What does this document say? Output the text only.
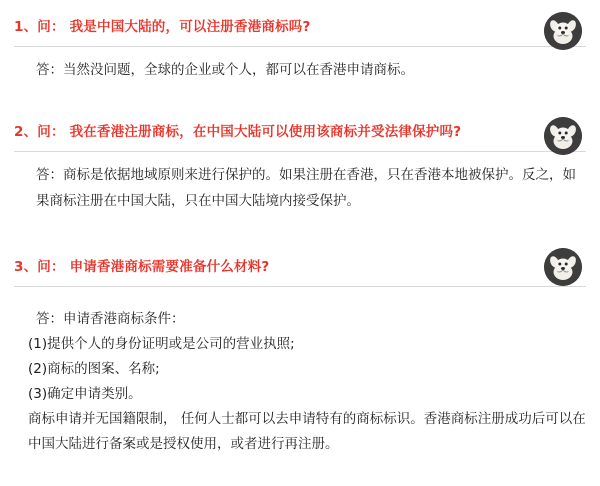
1、问： 我是中国大陆的，可以注册香港商标吗?

答：当然没问题，全球的企业或个人，都可以在香港申请商标。

2、问： 我在香港注册商标，在中国大陆可以使用该商标并受法律保护吗?

答：商标是依据地域原则来进行保护的。如果注册在香港，只在香港本地被保护。反之，如果商标注册在中国大陆，只在中国大陆境内接受保护。

3、问： 申请香港商标需要准备什么材料?

答：申请香港商标条件：

(1)提供个人的身份证明或是公司的营业执照;

(2)商标的图案、名称;

(3)确定申请类别。

商标申请并无国籍限制， 任何人士都可以去申请特有的商标标识。香港商标注册成功后可以在中国大陆进行备案或是授权使用，或者进行再注册。
